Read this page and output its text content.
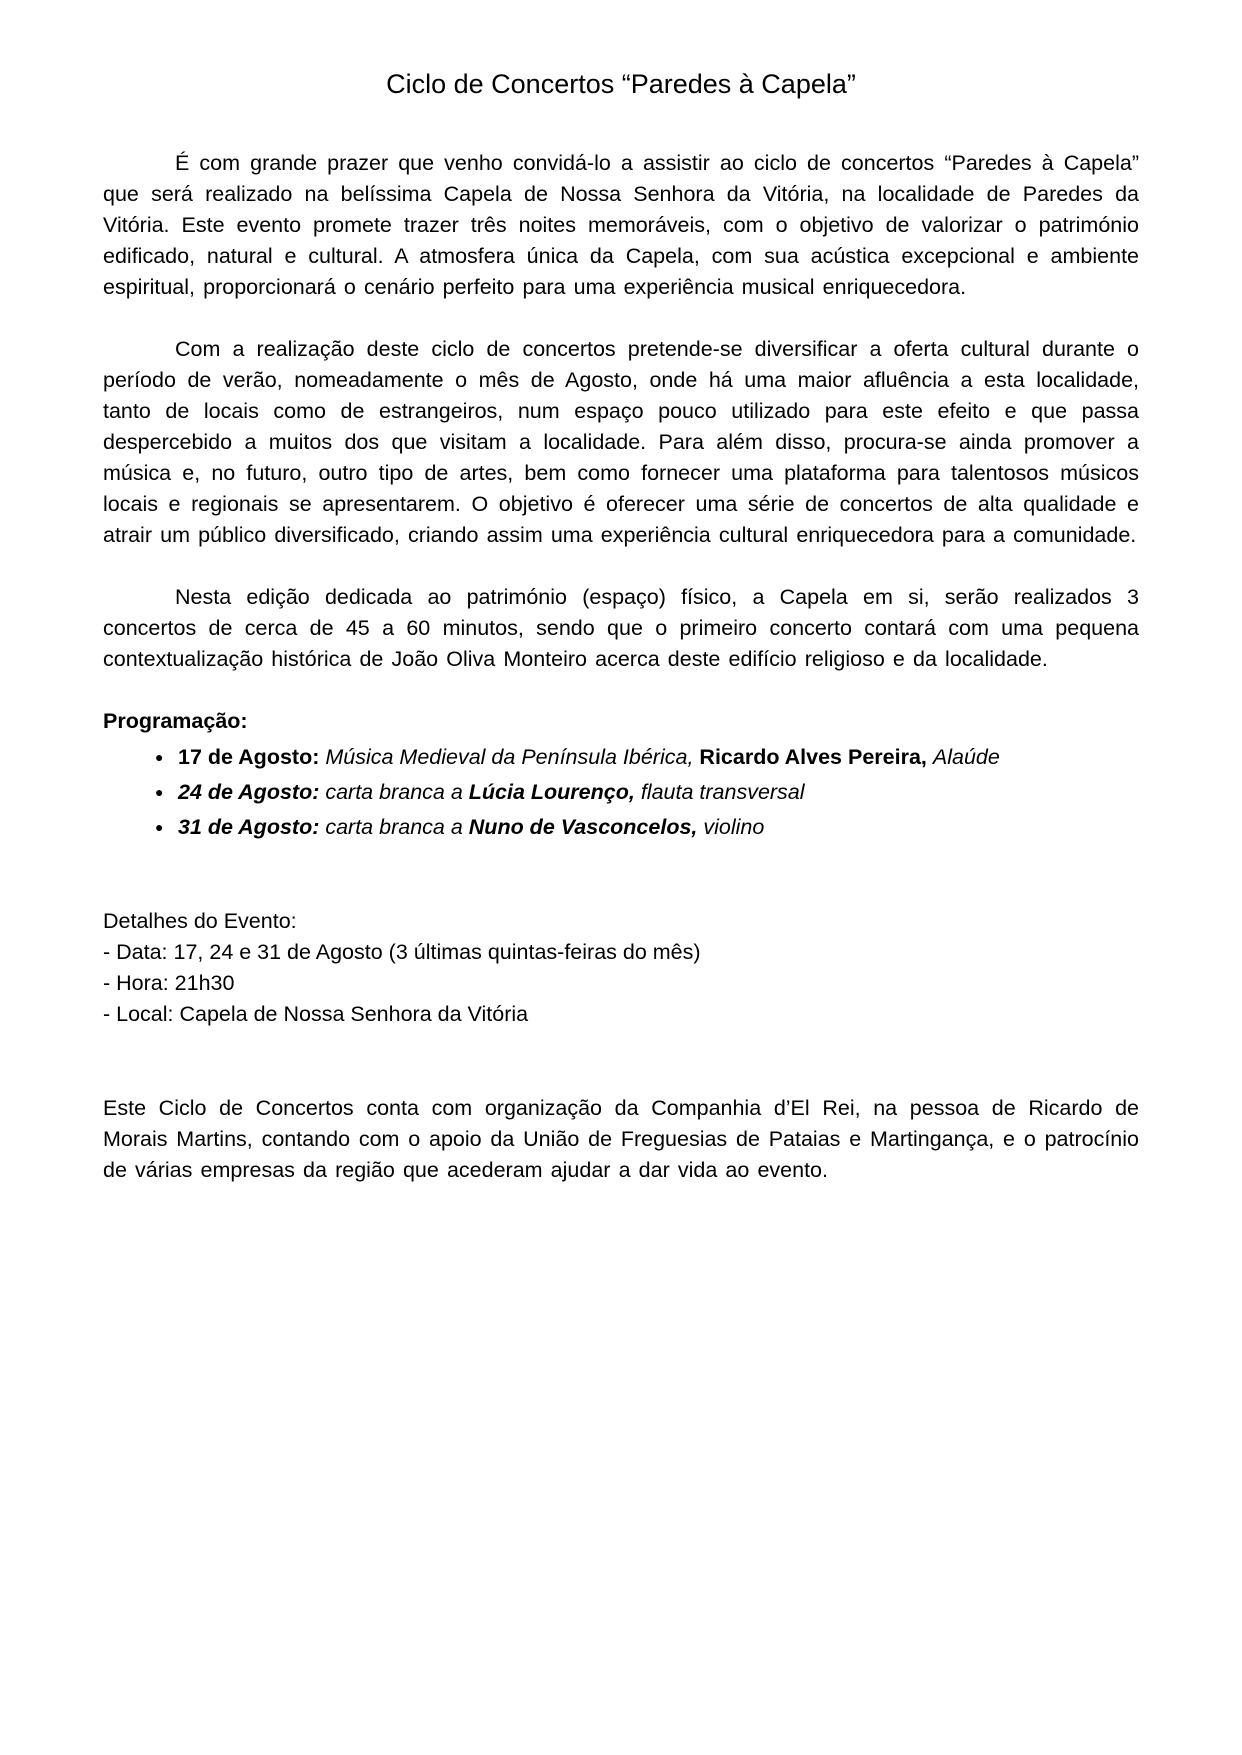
Ciclo de Concertos “Paredes à Capela”

É com grande prazer que venho convidá-lo a assistir ao ciclo de concertos “Paredes à Capela” que será realizado na belíssima Capela de Nossa Senhora da Vitória, na localidade de Paredes da Vitória. Este evento promete trazer três noites memoráveis, com o objetivo de valorizar o património edificado, natural e cultural. A atmosfera única da Capela, com sua acústica excepcional e ambiente espiritual, proporcionará o cenário perfeito para uma experiência musical enriquecedora.

Com a realização deste ciclo de concertos pretende-se diversificar a oferta cultural durante o período de verão, nomeadamente o mês de Agosto, onde há uma maior afluência a esta localidade, tanto de locais como de estrangeiros, num espaço pouco utilizado para este efeito e que passa despercebido a muitos dos que visitam a localidade. Para além disso, procura-se ainda promover a música e, no futuro, outro tipo de artes, bem como fornecer uma plataforma para talentosos músicos locais e regionais se apresentarem. O objetivo é oferecer uma série de concertos de alta qualidade e atrair um público diversificado, criando assim uma experiência cultural enriquecedora para a comunidade.

Nesta edição dedicada ao património (espaço) físico, a Capela em si, serão realizados 3 concertos de cerca de 45 a 60 minutos, sendo que o primeiro concerto contará com uma pequena contextualização histórica de João Oliva Monteiro acerca deste edifício religioso e da localidade.

Programação:
● 17 de Agosto: Música Medieval da Península Ibérica, Ricardo Alves Pereira, Alaúde
● 24 de Agosto: carta branca a Lúcia Lourenço, flauta transversal
● 31 de Agosto: carta branca a Nuno de Vasconcelos, violino

Detalhes do Evento:

- Data: 17, 24 e 31 de Agosto (3 últimas quintas-feiras do mês)

- Hora: 21h30

- Local: Capela de Nossa Senhora da Vitória

Este Ciclo de Concertos conta com organização da Companhia d’El Rei, na pessoa de Ricardo de Morais Martins, contando com o apoio da União de Freguesias de Pataias e Martingança, e o patrocínio de várias empresas da região que acederam ajudar a dar vida ao evento.
